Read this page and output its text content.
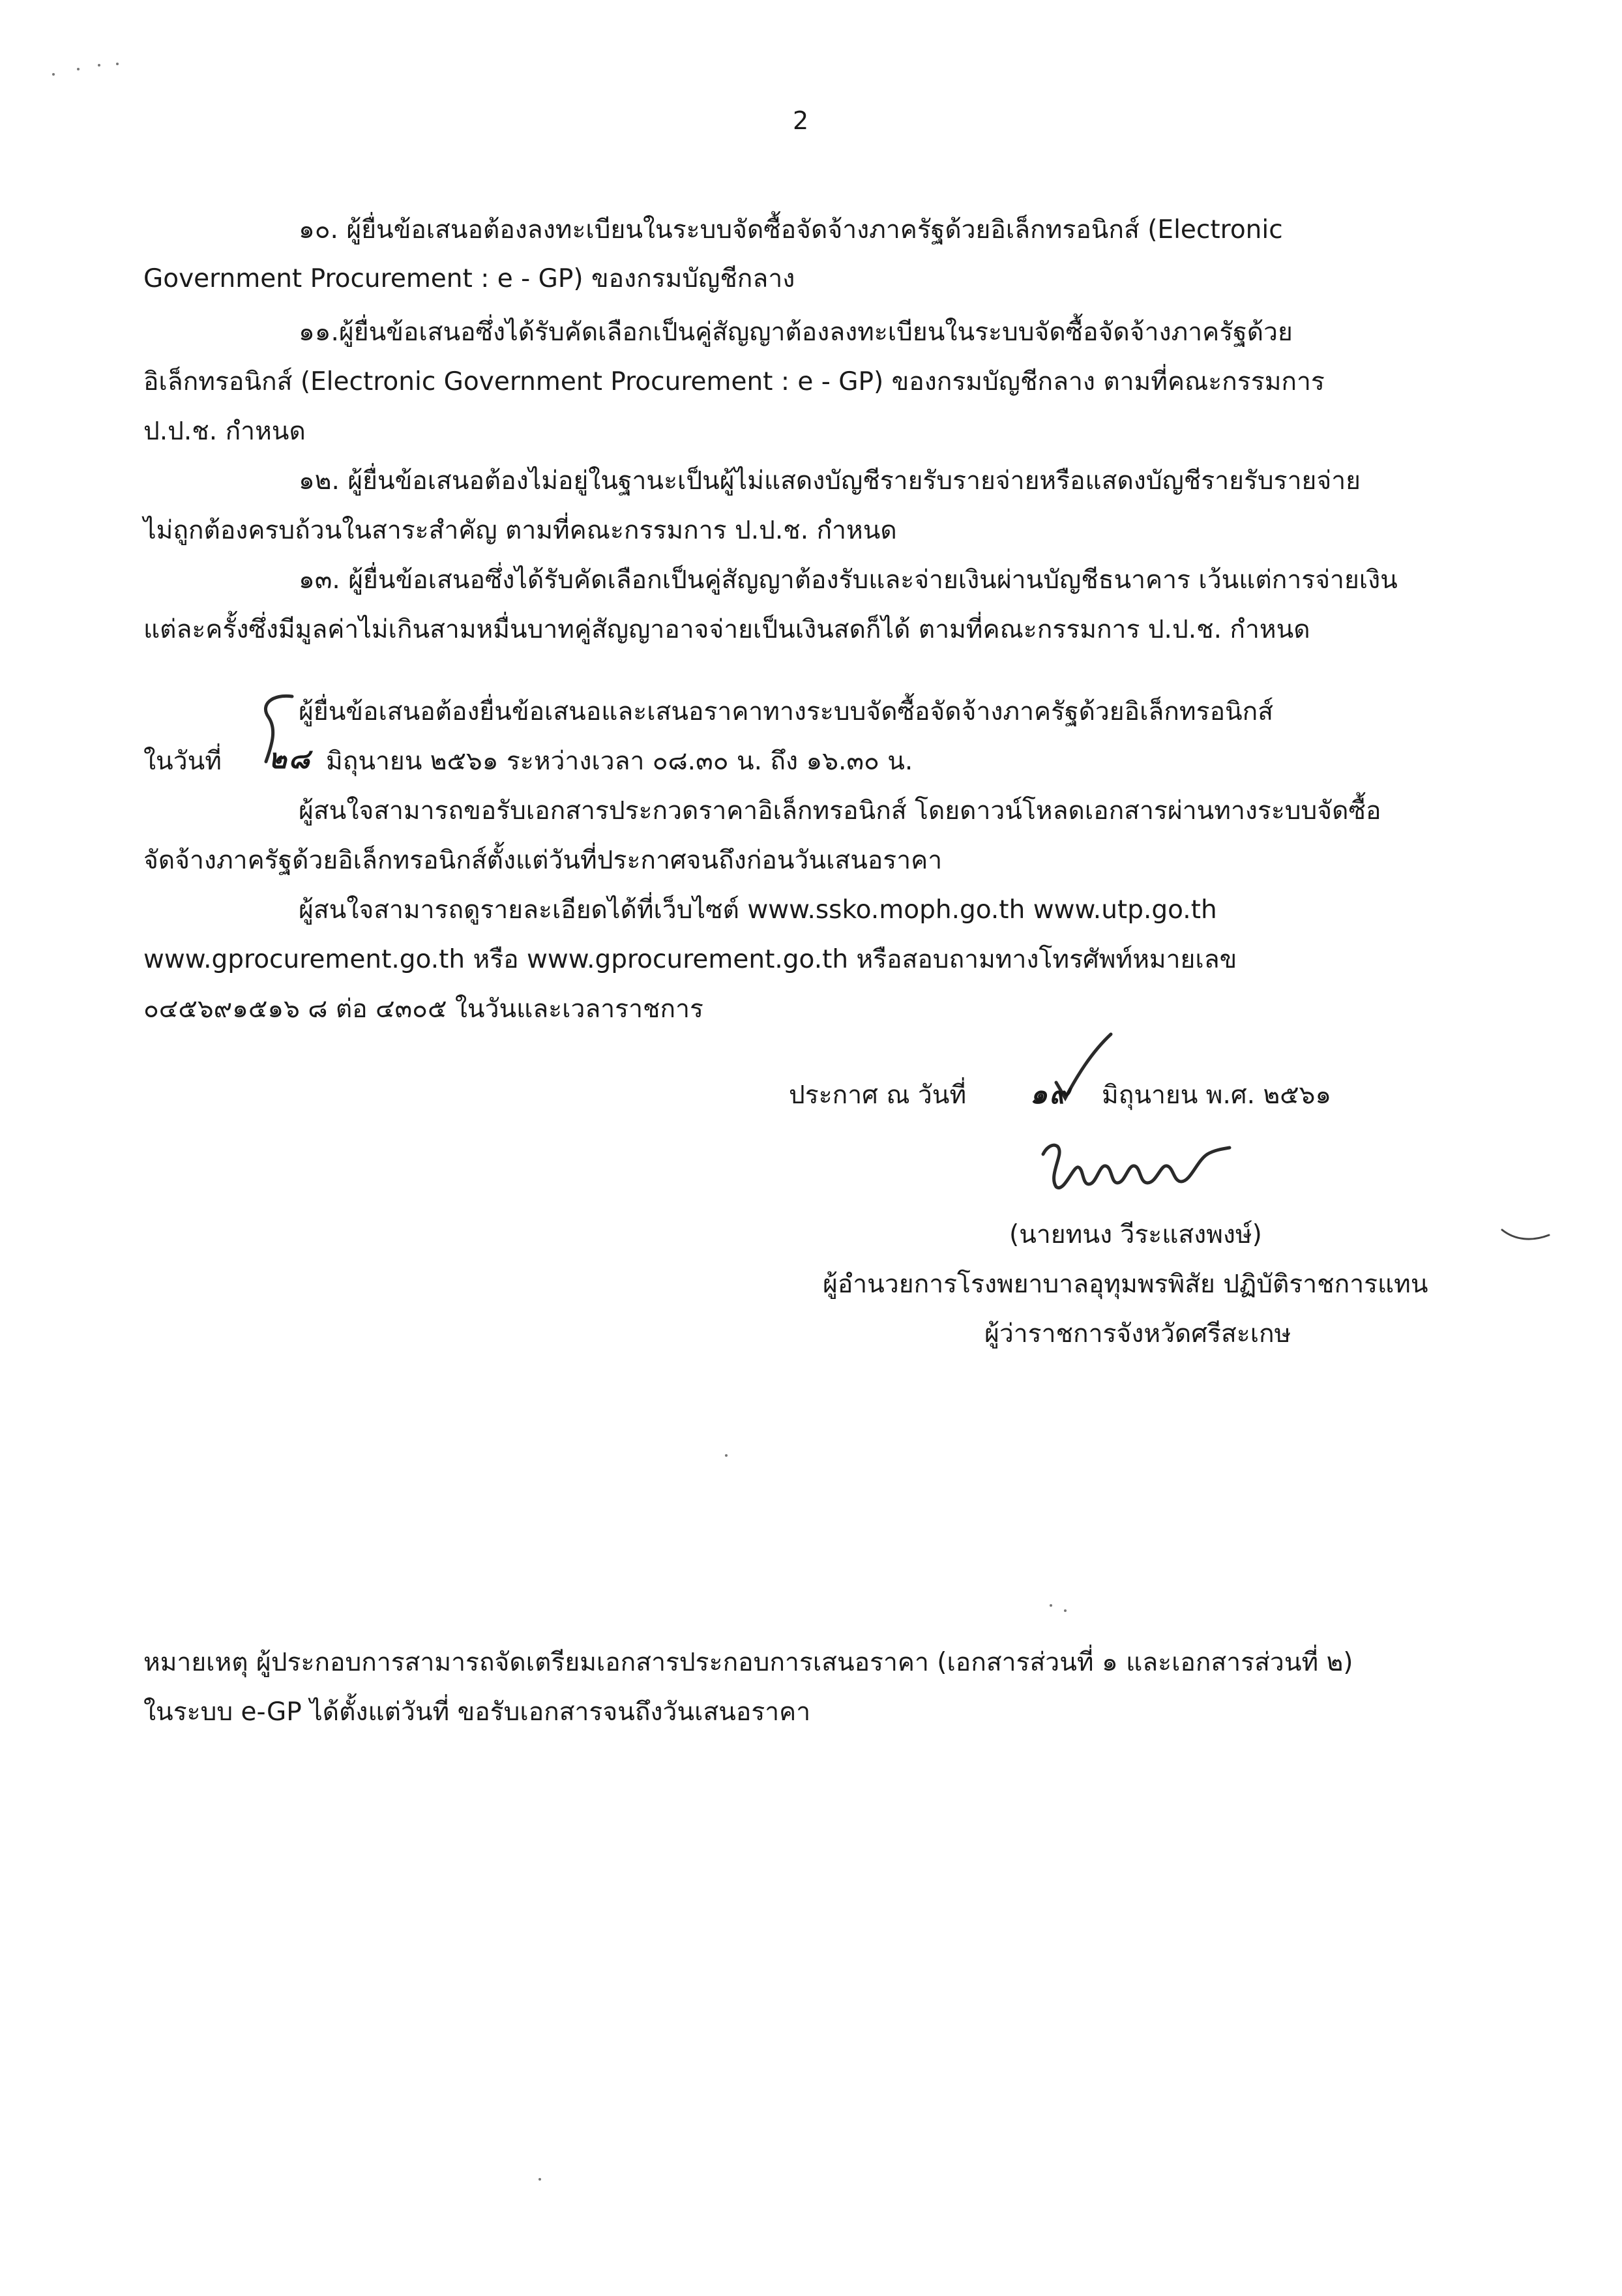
2
๑๐. ผู้ยื่นข้อเสนอต้องลงทะเบียนในระบบจัดซื้อจัดจ้างภาครัฐด้วยอิเล็กทรอนิกส์ (Electronic
Government Procurement : e - GP) ของกรมบัญชีกลาง
๑๑.ผู้ยื่นข้อเสนอซึ่งได้รับคัดเลือกเป็นคู่สัญญาต้องลงทะเบียนในระบบจัดซื้อจัดจ้างภาครัฐด้วย
อิเล็กทรอนิกส์ (Electronic Government Procurement : e - GP) ของกรมบัญชีกลาง ตามที่คณะกรรมการ
ป.ป.ช. กำหนด
๑๒. ผู้ยื่นข้อเสนอต้องไม่อยู่ในฐานะเป็นผู้ไม่แสดงบัญชีรายรับรายจ่ายหรือแสดงบัญชีรายรับรายจ่าย
ไม่ถูกต้องครบถ้วนในสาระสำคัญ ตามที่คณะกรรมการ ป.ป.ช. กำหนด
๑๓. ผู้ยื่นข้อเสนอซึ่งได้รับคัดเลือกเป็นคู่สัญญาต้องรับและจ่ายเงินผ่านบัญชีธนาคาร เว้นแต่การจ่ายเงิน
แต่ละครั้งซึ่งมีมูลค่าไม่เกินสามหมื่นบาทคู่สัญญาอาจจ่ายเป็นเงินสดก็ได้ ตามที่คณะกรรมการ ป.ป.ช. กำหนด
ผู้ยื่นข้อเสนอต้องยื่นข้อเสนอและเสนอราคาทางระบบจัดซื้อจัดจ้างภาครัฐด้วยอิเล็กทรอนิกส์
ในวันที่ ๒๘ มิถุนายน ๒๕๖๑ ระหว่างเวลา ๐๘.๓๐ น. ถึง ๑๖.๓๐ น.
ผู้สนใจสามารถขอรับเอกสารประกวดราคาอิเล็กทรอนิกส์ โดยดาวน์โหลดเอกสารผ่านทางระบบจัดซื้อ
จัดจ้างภาครัฐด้วยอิเล็กทรอนิกส์ตั้งแต่วันที่ประกาศจนถึงก่อนวันเสนอราคา
ผู้สนใจสามารถดูรายละเอียดได้ที่เว็บไซต์ www.ssko.moph.go.th www.utp.go.th
www.gprocurement.go.th หรือ www.gprocurement.go.th หรือสอบถามทางโทรศัพท์หมายเลข
๐๔๕๖๙๑๕๑๖ ๘ ต่อ ๔๓๐๕ ในวันและเวลาราชการ
ประกาศ ณ วันที่ ๑๙ มิถุนายน พ.ศ. ๒๕๖๑
(นายทนง วีระแสงพงษ์)
ผู้อำนวยการโรงพยาบาลอุทุมพรพิสัย ปฏิบัติราชการแทน
ผู้ว่าราชการจังหวัดศรีสะเกษ
หมายเหตุ ผู้ประกอบการสามารถจัดเตรียมเอกสารประกอบการเสนอราคา (เอกสารส่วนที่ ๑ และเอกสารส่วนที่ ๒)
ในระบบ e-GP ได้ตั้งแต่วันที่ ขอรับเอกสารจนถึงวันเสนอราคา
